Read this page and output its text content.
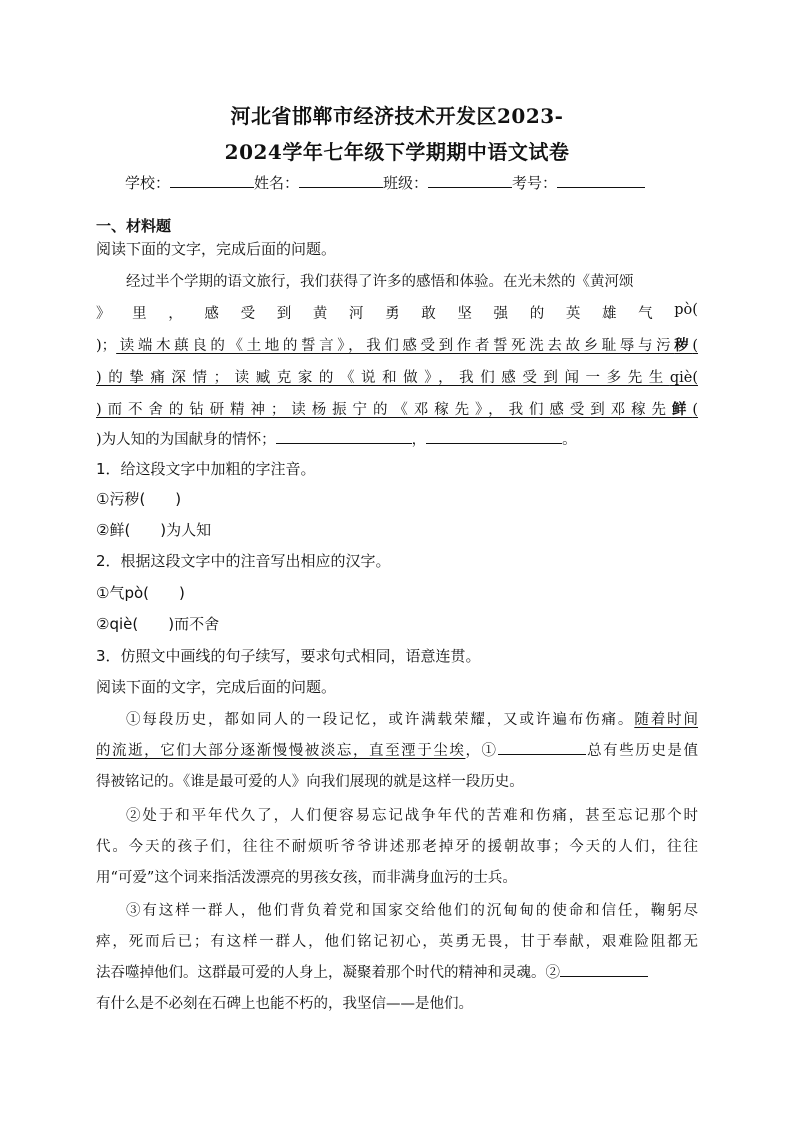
河北省邯郸市经济技术开发区2023-
2024学年七年级下学期期中语文试卷
学校：	姓名：	班级：	考号：
一、材料题
阅读下面的文字，完成后面的问题。
经过半个学期的语文旅行，我们获得了许多的感悟和体验。在光未然的《黄河颂
》 里 ， 感 受 到 黄 河 勇 敢 坚 强 的 英 雄 气 pò(
)；读端木蕻良的《土地的誓言》，我们感受到作者誓死洗去故乡耻辱与污秽(
)的挚痛深情；读臧克家的《说和做》，我们感受到闻一多先生qiè(
)而不舍的钻研精神；读杨振宁的《邓稼先》，我们感受到邓稼先鲜(
)为人知的为国献身的情怀；	，	。
1．给这段文字中加粗的字注音。
①污秽(　　)
②鲜(　　)为人知
2．根据这段文字中的注音写出相应的汉字。
①气pò(　　)
②qiè(　　)而不舍
3．仿照文中画线的句子续写，要求句式相同，语意连贯。
阅读下面的文字，完成后面的问题。
①每段历史，都如同人的一段记忆，或许满载荣耀，又或许遍布伤痛。随着时间
的流逝，它们大部分逐渐慢慢被淡忘，直至湮于尘埃，①	总有些历史是值
得被铭记的。《谁是最可爱的人》向我们展现的就是这样一段历史。
②处于和平年代久了，人们便容易忘记战争年代的苦难和伤痛，甚至忘记那个时
代。今天的孩子们，往往不耐烦听爷爷讲述那老掉牙的援朝故事；今天的人们，往往
用“可爱”这个词来指活泼漂亮的男孩女孩，而非满身血污的士兵。
③有这样一群人，他们背负着党和国家交给他们的沉甸甸的使命和信任，鞠躬尽
瘁，死而后已；有这样一群人，他们铭记初心，英勇无畏，甘于奉献，艰难险阻都无
法吞噬掉他们。这群最可爱的人身上，凝聚着那个时代的精神和灵魂。②
有什么是不必刻在石碑上也能不朽的，我坚信——是他们。
